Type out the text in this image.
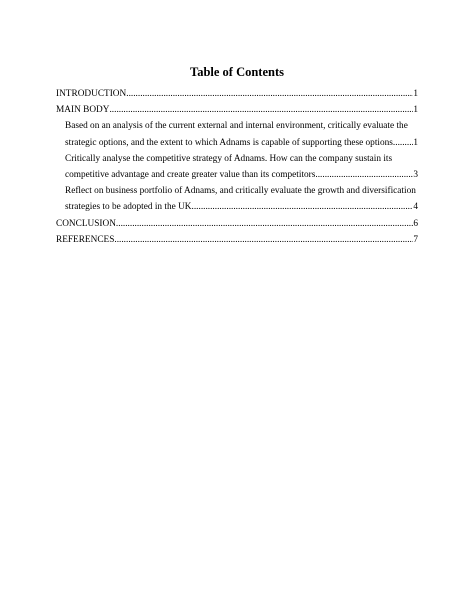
Table of Contents
INTRODUCTION .....	1
MAIN BODY .....	1
Based on an analysis of the current external and internal environment, critically evaluate the
strategic options, and the extent to which Adnams is capable of supporting these options ..... 1
Critically analyse the competitive strategy of Adnams. How can the company sustain its
competitive advantage and create greater value than its competitors .....	3
Reflect on business portfolio of Adnams, and critically evaluate the growth and diversification
strategies to be adopted in the UK .....	4
CONCLUSION .....	6
REFERENCES .....	7
